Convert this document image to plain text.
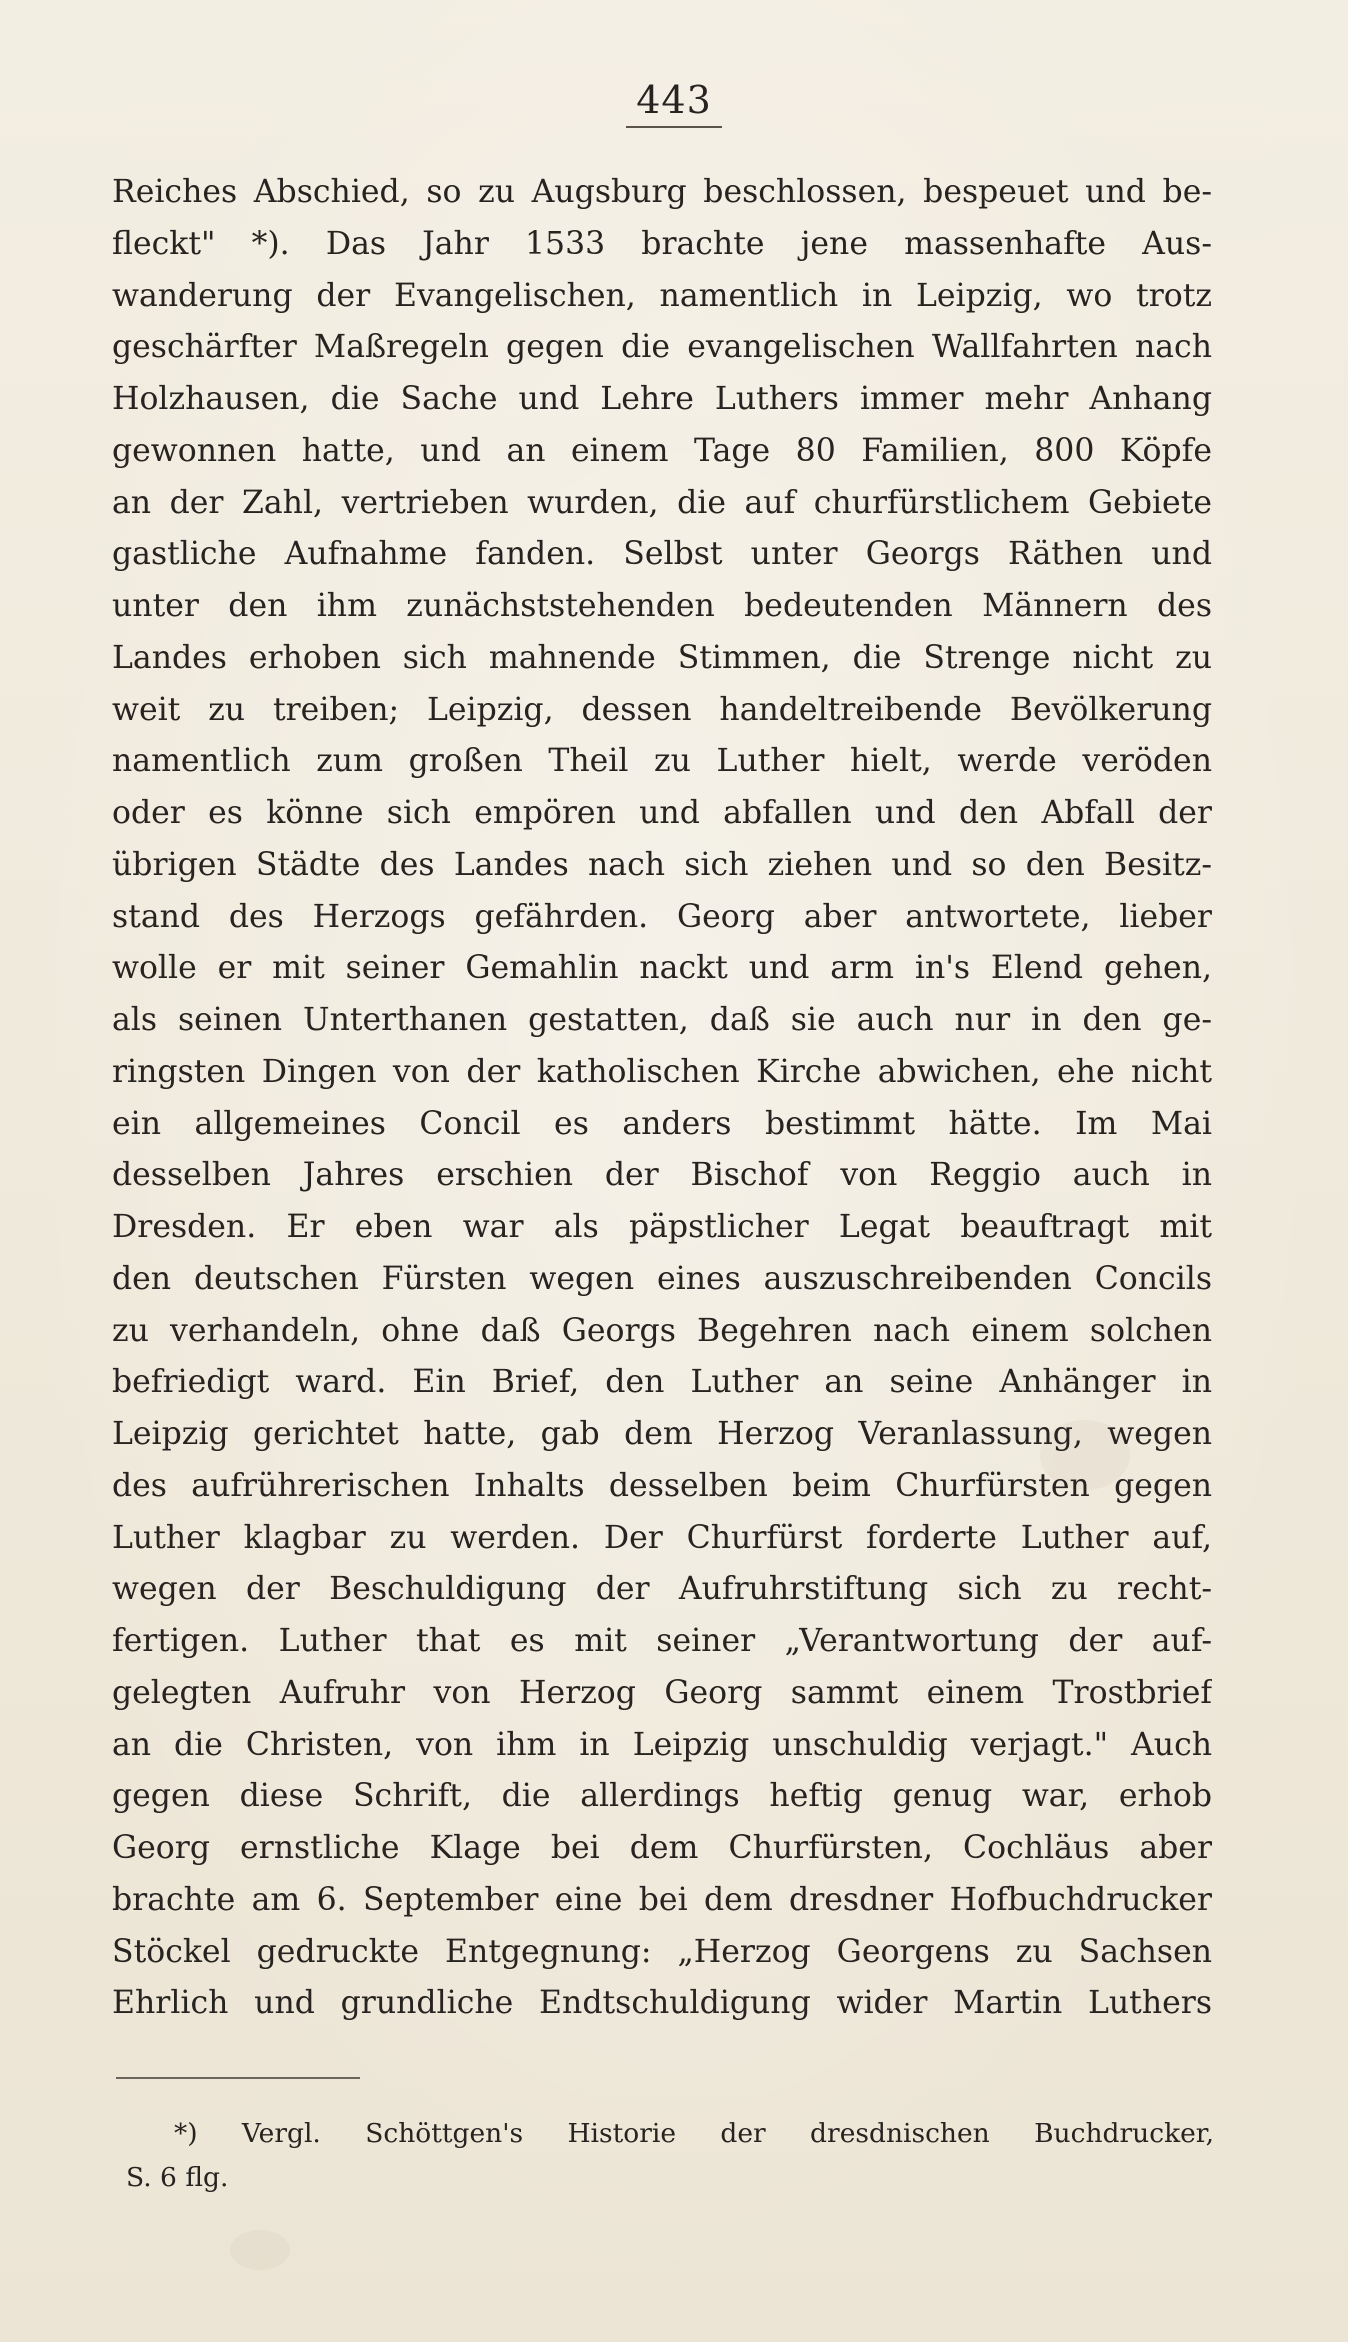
443
Reiches Abschied, so zu Augsburg beschlossen, bespeuet und be-
fleckt" *). Das Jahr 1533 brachte jene massenhafte Aus-
wanderung der Evangelischen, namentlich in Leipzig, wo trotz
geschärfter Maßregeln gegen die evangelischen Wallfahrten nach
Holzhausen, die Sache und Lehre Luthers immer mehr Anhang
gewonnen hatte, und an einem Tage 80 Familien, 800 Köpfe
an der Zahl, vertrieben wurden, die auf churfürstlichem Gebiete
gastliche Aufnahme fanden. Selbst unter Georgs Räthen und
unter den ihm zunächststehenden bedeutenden Männern des
Landes erhoben sich mahnende Stimmen, die Strenge nicht zu
weit zu treiben; Leipzig, dessen handeltreibende Bevölkerung
namentlich zum großen Theil zu Luther hielt, werde veröden
oder es könne sich empören und abfallen und den Abfall der
übrigen Städte des Landes nach sich ziehen und so den Besitz-
stand des Herzogs gefährden. Georg aber antwortete, lieber
wolle er mit seiner Gemahlin nackt und arm in's Elend gehen,
als seinen Unterthanen gestatten, daß sie auch nur in den ge-
ringsten Dingen von der katholischen Kirche abwichen, ehe nicht
ein allgemeines Concil es anders bestimmt hätte. Im Mai
desselben Jahres erschien der Bischof von Reggio auch in
Dresden. Er eben war als päpstlicher Legat beauftragt mit
den deutschen Fürsten wegen eines auszuschreibenden Concils
zu verhandeln, ohne daß Georgs Begehren nach einem solchen
befriedigt ward. Ein Brief, den Luther an seine Anhänger in
Leipzig gerichtet hatte, gab dem Herzog Veranlassung, wegen
des aufrührerischen Inhalts desselben beim Churfürsten gegen
Luther klagbar zu werden. Der Churfürst forderte Luther auf,
wegen der Beschuldigung der Aufruhrstiftung sich zu recht-
fertigen. Luther that es mit seiner „Verantwortung der auf-
gelegten Aufruhr von Herzog Georg sammt einem Trostbrief
an die Christen, von ihm in Leipzig unschuldig verjagt." Auch
gegen diese Schrift, die allerdings heftig genug war, erhob
Georg ernstliche Klage bei dem Churfürsten, Cochläus aber
brachte am 6. September eine bei dem dresdner Hofbuchdrucker
Stöckel gedruckte Entgegnung: „Herzog Georgens zu Sachsen
Ehrlich und grundliche Endtschuldigung wider Martin Luthers
*) Vergl. Schöttgen's Historie der dresdnischen Buchdrucker,
S. 6 flg.
